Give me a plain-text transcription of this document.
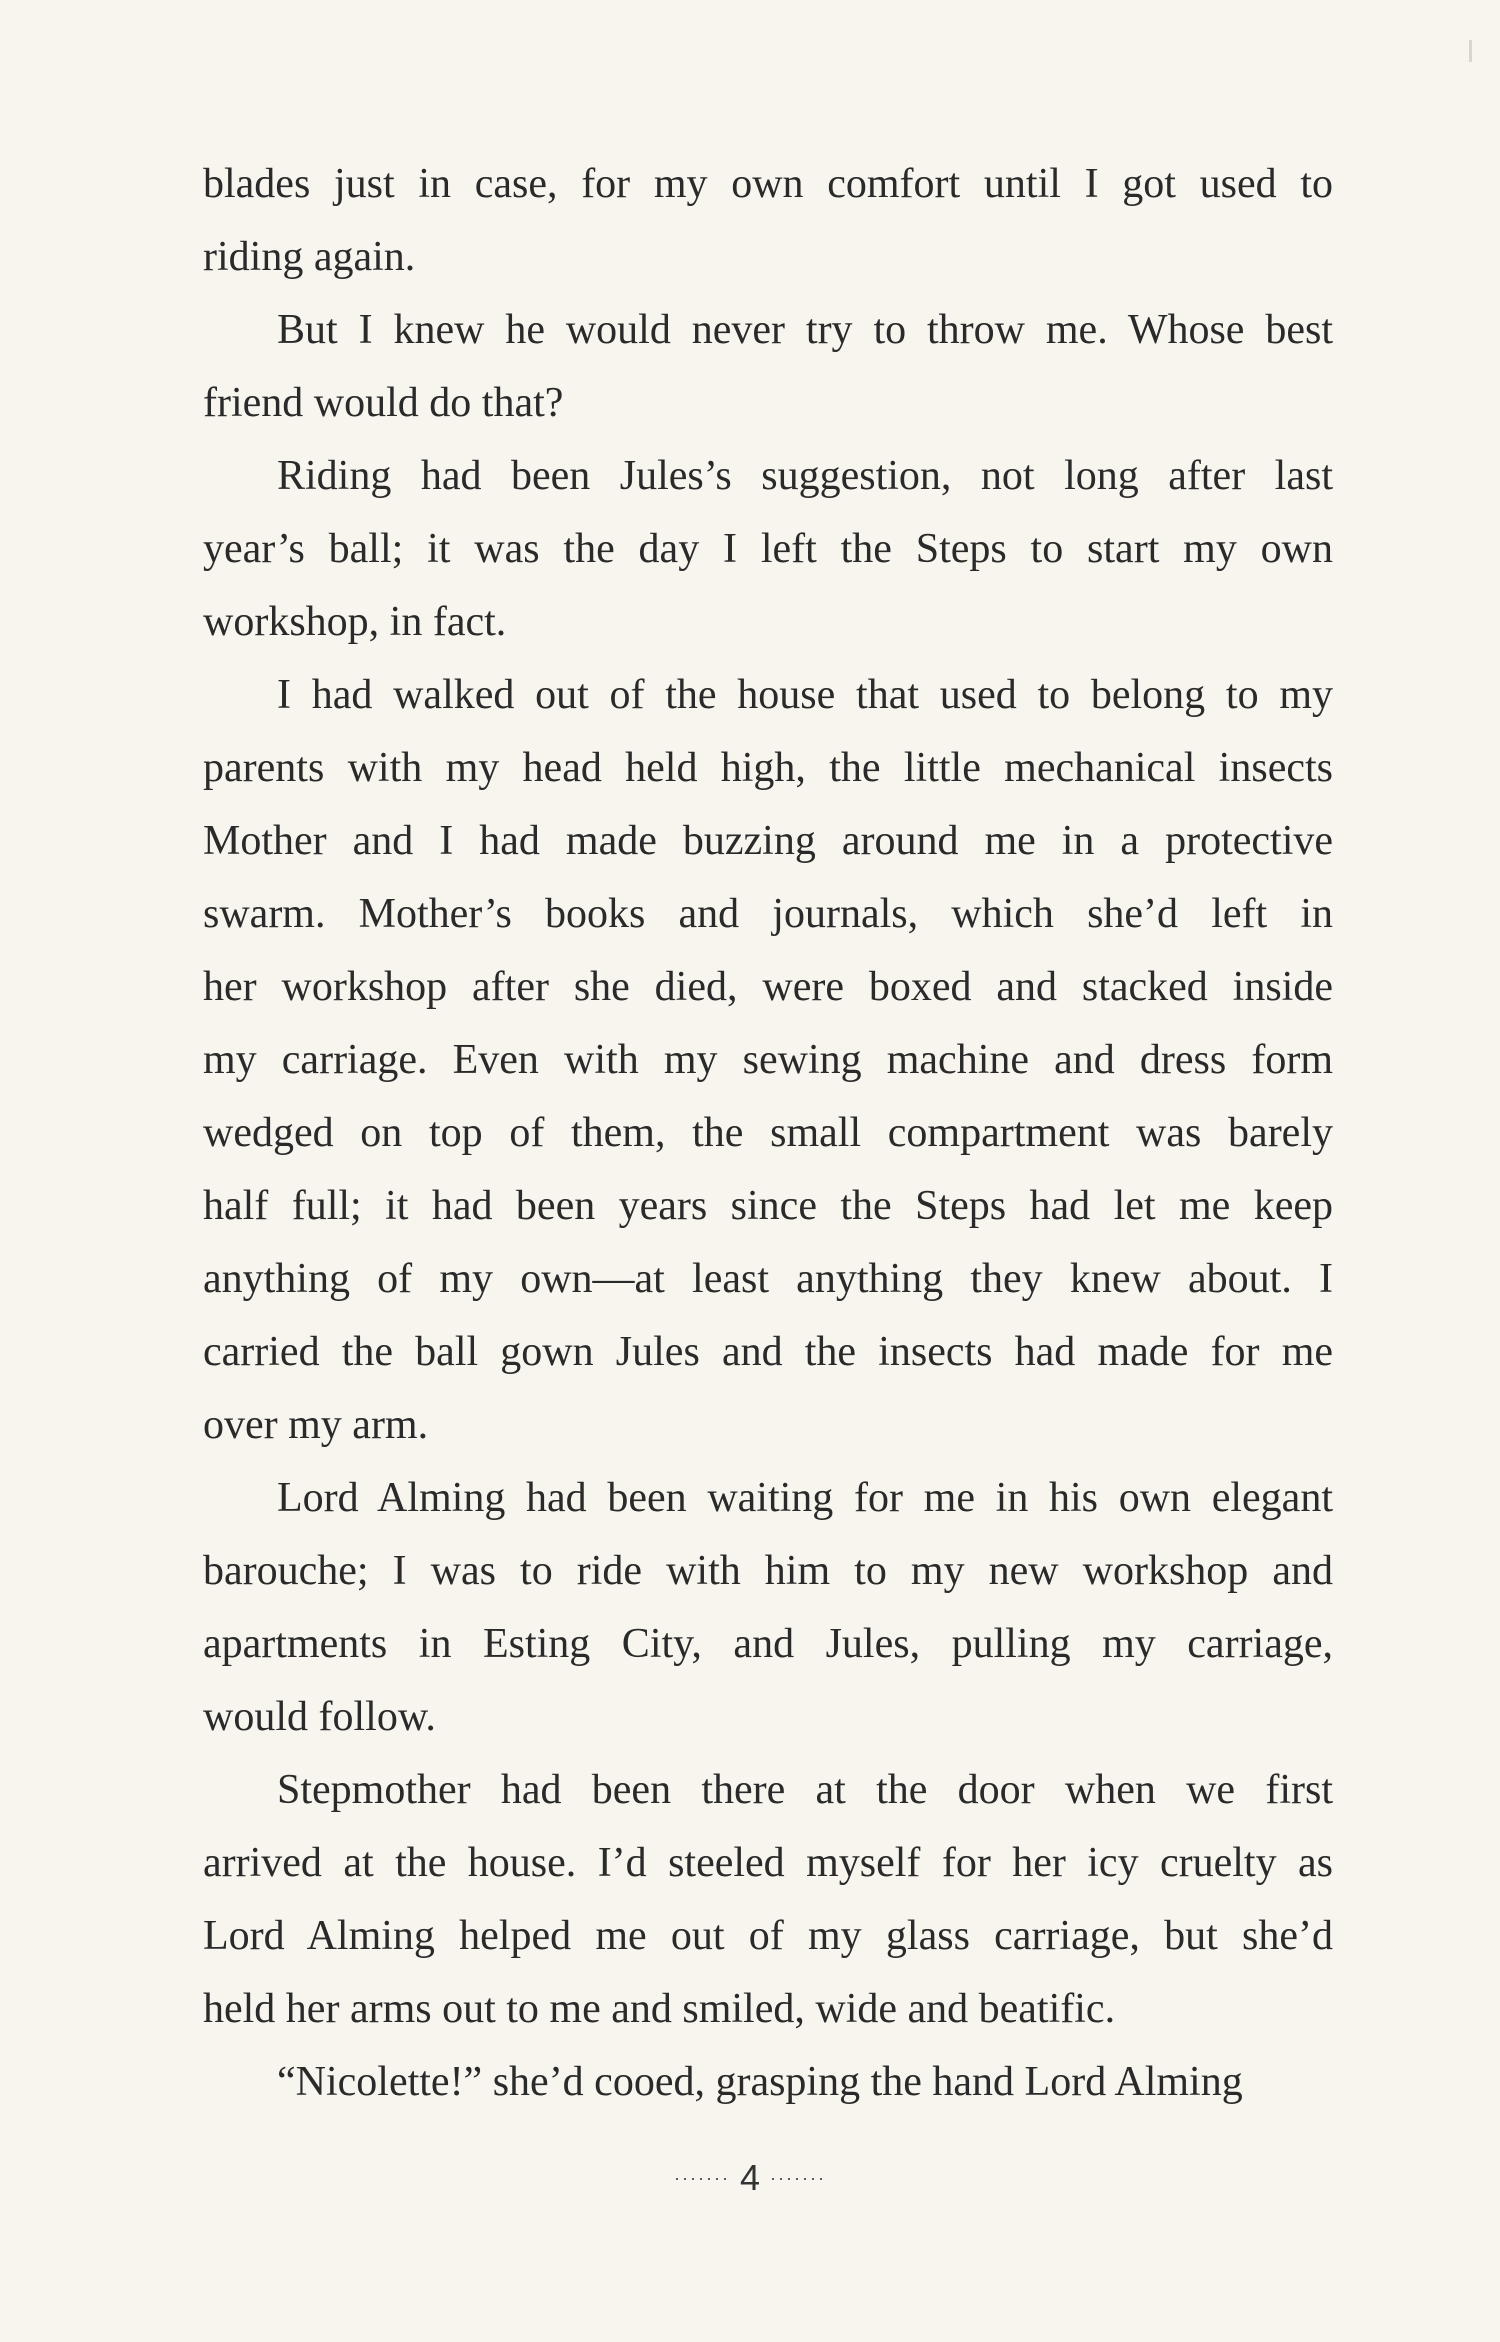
blades just in case, for my own comfort until I got used to
riding again.
But I knew he would never try to throw me. Whose best
friend would do that?
Riding had been Jules’s suggestion, not long after last
year’s ball; it was the day I left the Steps to start my own
workshop, in fact.
I had walked out of the house that used to belong to my
parents with my head held high, the little mechanical insects
Mother and I had made buzzing around me in a protective
swarm. Mother’s books and journals, which she’d left in
her workshop after she died, were boxed and stacked inside
my carriage. Even with my sewing machine and dress form
wedged on top of them, the small compartment was barely
half full; it had been years since the Steps had let me keep
anything of my own—at least anything they knew about. I
carried the ball gown Jules and the insects had made for me
over my arm.
Lord Alming had been waiting for me in his own elegant
barouche; I was to ride with him to my new workshop and
apartments in Esting City, and Jules, pulling my carriage,
would follow.
Stepmother had been there at the door when we first
arrived at the house. I’d steeled myself for her icy cruelty as
Lord Alming helped me out of my glass carriage, but she’d
held her arms out to me and smiled, wide and beatific.
“Nicolette!” she’d cooed, grasping the hand Lord Alming
······· 4 ·······
